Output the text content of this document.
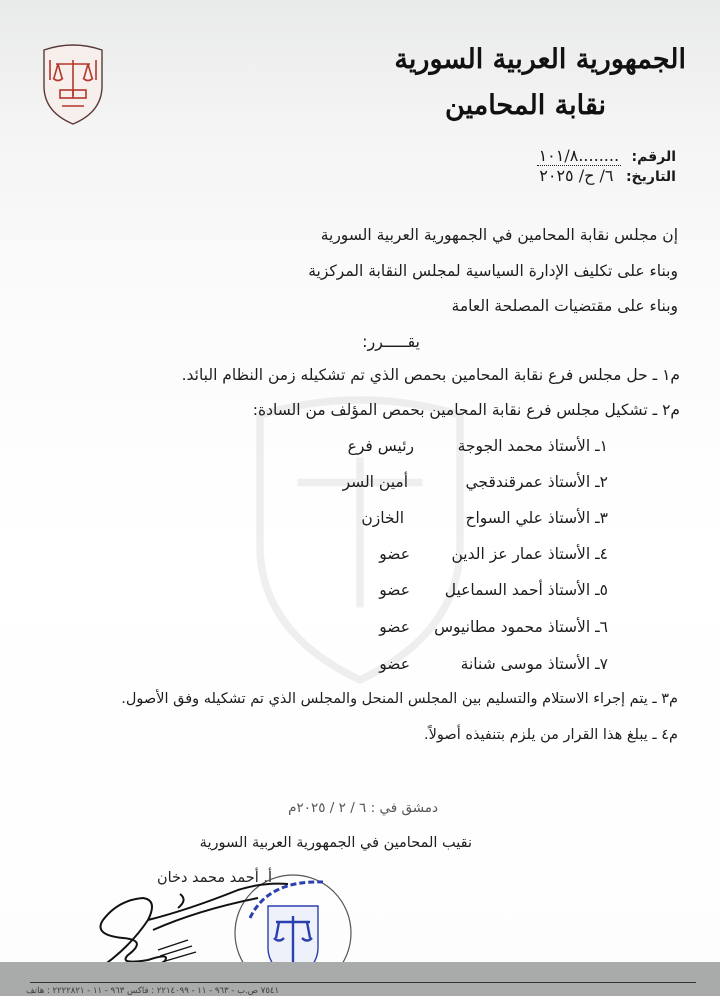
الجمهورية العربية السورية
نقابة المحامين
الرقم: ........١٠١/٨
التاريخ: ٦/ ح/ ٢٠٢٥
إن مجلس نقابة المحامين في الجمهورية العربية السورية
وبناء على تكليف الإدارة السياسية لمجلس النقابة المركزية
وبناء على مقتضيات المصلحة العامة
يقـــــرر:
م١ ـ حل مجلس فرع نقابة المحامين بحمص الذي تم تشكيله زمن النظام البائد.
م٢ ـ تشكيل مجلس فرع نقابة المحامين بحمص المؤلف من السادة:
١ـ الأستاذ محمد الجوجة
رئيس فرع
٢ـ الأستاذ عمرقندقجي
أمين السر
٣ـ الأستاذ علي السواح
الخازن
٤ـ الأستاذ عمار عز الدين
عضو
٥ـ الأستاذ أحمد السماعيل
عضو
٦ـ الأستاذ محمود مطانيوس
عضو
٧ـ الأستاذ موسى شنانة
عضو
م٣ ـ يتم إجراء الاستلام والتسليم بين المجلس المنحل والمجلس الذي تم تشكيله وفق الأصول.
م٤ ـ يبلغ هذا القرار من يلزم بتنفيذه أصولاً.
دمشق في : ٦ / ٢ / ٢٠٢٥م
نقيب المحامين في الجمهورية العربية السورية
أ. أحمد محمد دخان
٧٥٤١ ص.ب - ٩٦٣ - ١١ - ٢٢١٤٠٩٩ : فاكس ٩٦٣ - ١١ - ٢٢٢٢٨٢١ : هاتف
